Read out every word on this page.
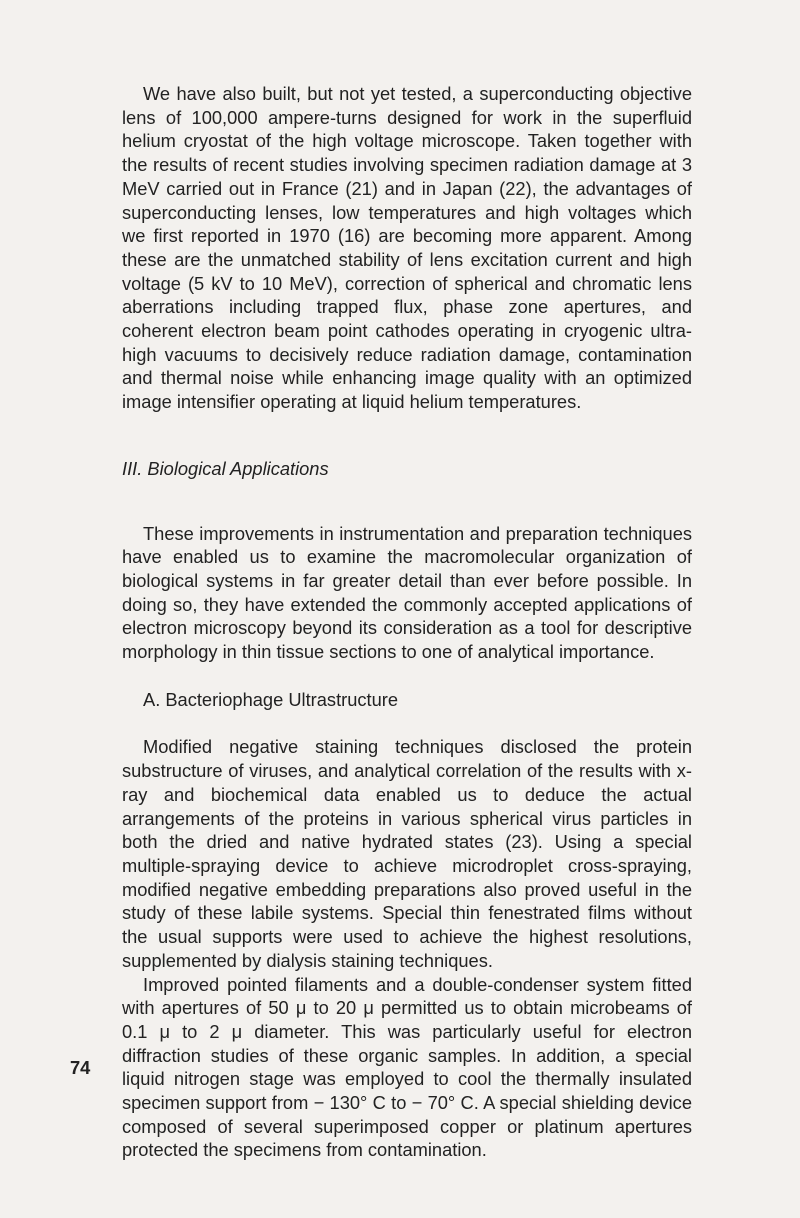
We have also built, but not yet tested, a superconducting objective lens of 100,000 ampere-turns designed for work in the superfluid helium cryostat of the high voltage microscope. Taken together with the results of recent studies involving specimen radiation damage at 3 MeV carried out in France (21) and in Japan (22), the advantages of superconducting lenses, low temperatures and high voltages which we first reported in 1970 (16) are becoming more apparent. Among these are the unmatched stability of lens excitation current and high voltage (5 kV to 10 MeV), correction of spherical and chromatic lens aberrations including trapped flux, phase zone apertures, and coherent electron beam point cathodes operating in cryogenic ultra-high vacuums to decisively reduce radiation damage, contamination and thermal noise while enhancing image quality with an optimized image intensifier operating at liquid helium temperatures.

III. Biological Applications

These improvements in instrumentation and preparation techniques have enabled us to examine the macromolecular organization of biological systems in far greater detail than ever before possible. In doing so, they have extended the commonly accepted applications of electron microscopy beyond its consideration as a tool for descriptive morphology in thin tissue sections to one of analytical importance.

A. Bacteriophage Ultrastructure

Modified negative staining techniques disclosed the protein substructure of viruses, and analytical correlation of the results with x-ray and biochemical data enabled us to deduce the actual arrangements of the proteins in various spherical virus particles in both the dried and native hydrated states (23). Using a special multiple-spraying device to achieve microdroplet cross-spraying, modified negative embedding preparations also proved useful in the study of these labile systems. Special thin fenestrated films without the usual supports were used to achieve the highest resolutions, supplemented by dialysis staining techniques.

Improved pointed filaments and a double-condenser system fitted with apertures of 50 μ to 20 μ permitted us to obtain microbeams of 0.1 μ to 2 μ diameter. This was particularly useful for electron diffraction studies of these organic samples. In addition, a special liquid nitrogen stage was employed to cool the thermally insulated specimen support from − 130° C to − 70° C. A special shielding device composed of several superimposed copper or platinum apertures protected the specimens from contamination.

74
